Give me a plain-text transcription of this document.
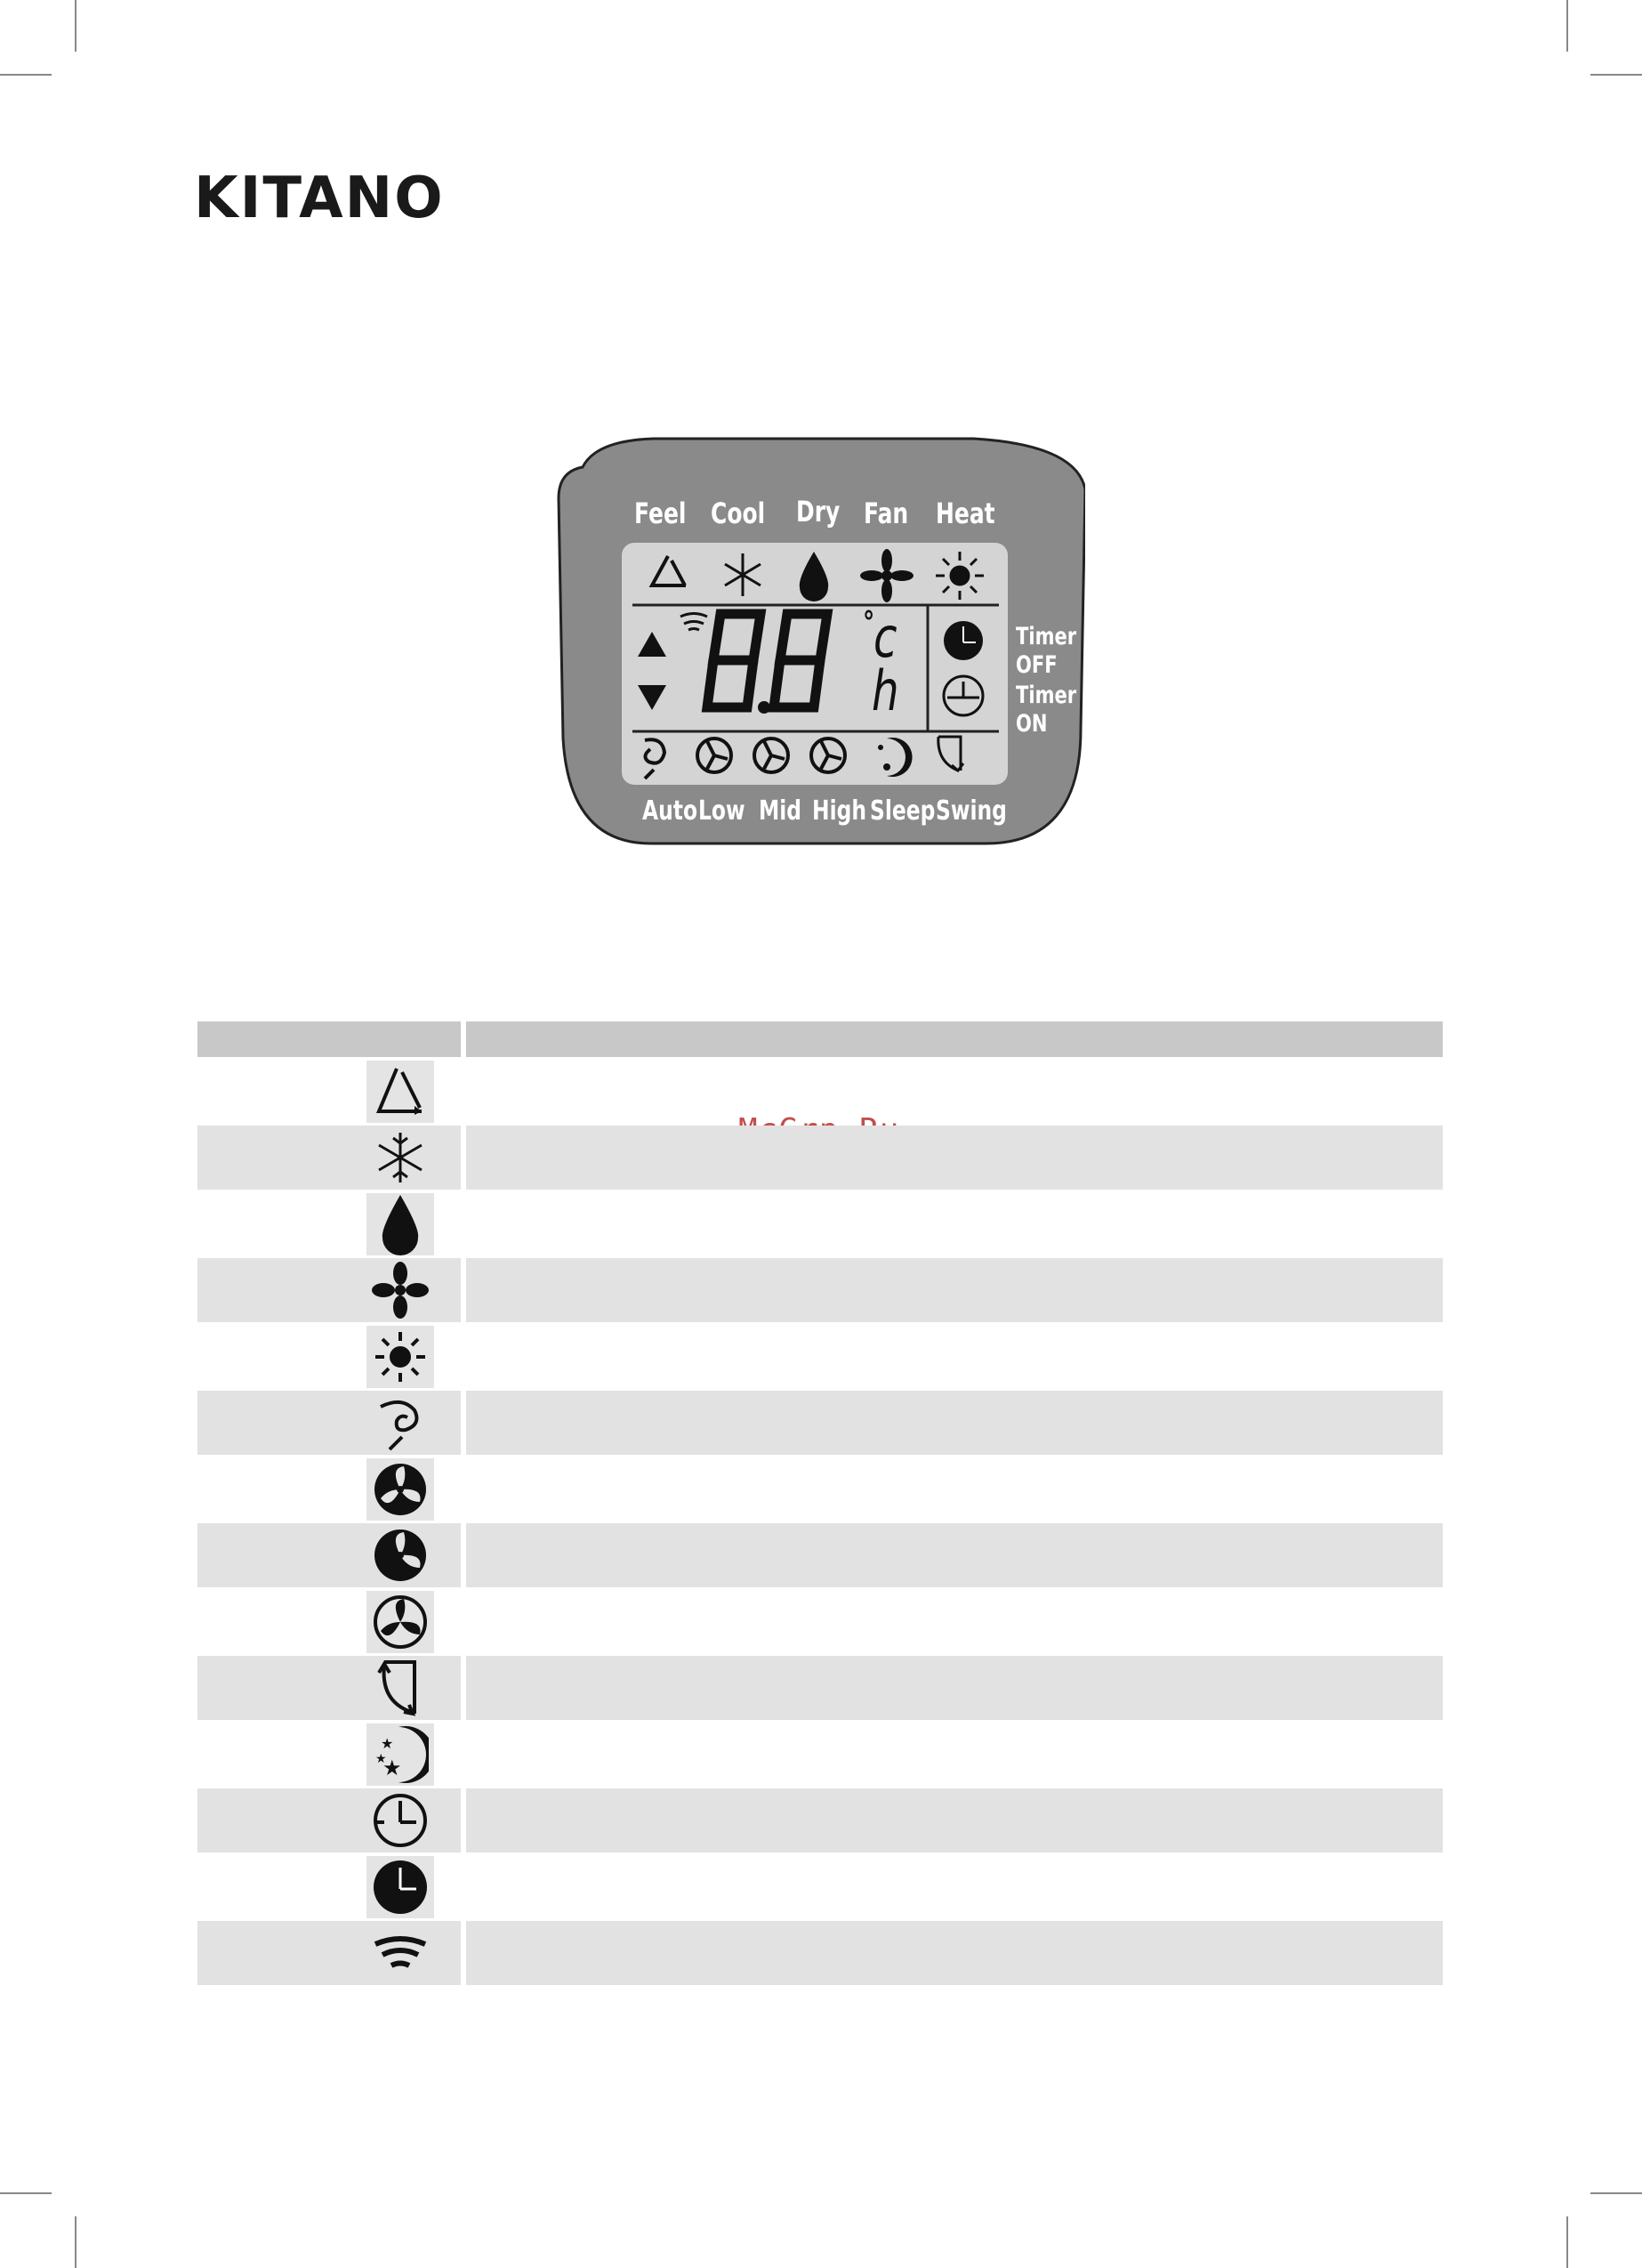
KITANO
Feel Cool Dry Fan Heat
°
c
h
Timer
OFF
Timer
ON
Auto Low Mid High Sleep Swing
★
★
★
